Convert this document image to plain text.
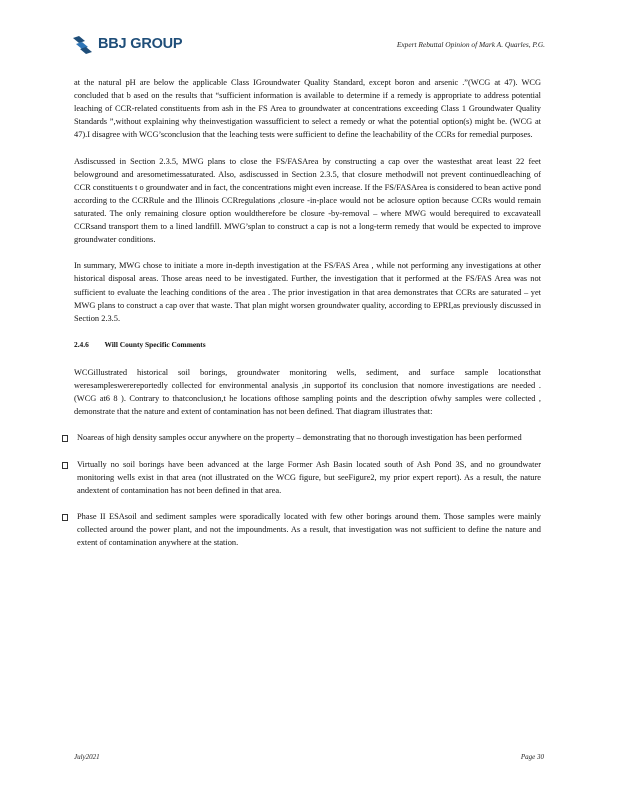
BBJ GROUP	Expert Rebuttal Opinion of Mark A. Quarles, P.G.

at the natural pH are below the applicable Class IGroundwater Quality Standard, except boron and arsenic .”(WCG at 47). WCG concluded that b ased on the results that “sufficient information is available to determine if a remedy is appropriate to address potential leaching of CCR-related constituents from ash in the FS Area to groundwater at concentrations exceeding Class 1 Groundwater Quality Standards ”,without explaining why theinvestigation wassufficient to select a remedy or what the potential option(s) might be. (WCG at 47).I disagree with WCG’sconclusion that the leaching tests were sufficient to define the leachability of the CCRs for remedial purposes.

Asdiscussed in Section 2.3.5, MWG plans to close the FS/FASArea by constructing a cap over the wastesthat areat least 22 feet belowground and aresometimessaturated. Also, asdiscussed in Section 2.3.5, that closure methodwill not prevent continuedleaching of CCR constituents t o groundwater and in fact, the concentrations might even increase. If the FS/FASArea is considered to bean active pond according to the CCRRule and the Illinois CCRregulations ,closure -in-place would not be aclosure option because CCRs would remain saturated. The only remaining closure option wouldtherefore be closure -by-removal – where MWG would berequired to excavateall CCRsand transport them to a lined landfill. MWG’splan to construct a cap is not a long-term remedy that would be expected to improve groundwater conditions.

In summary, MWG chose to initiate a more in-depth investigation at the FS/FAS Area , while not performing any investigations at other historical disposal areas. Those areas need to be investigated. Further, the investigation that it performed at the FS/FAS Area was not sufficient to evaluate the leaching conditions of the area . The prior investigation in that area demonstrates that CCRs are saturated – yet MWG plans to construct a cap over that waste. That plan might worsen groundwater quality, according to EPRI,as previously discussed in Section 2.3.5.

2.4.6 Will County Specific Comments

WCGillustrated historical soil borings, groundwater monitoring wells, sediment, and surface sample locationsthat weresampleswerereportedly collected for environmental analysis ,in supportof its conclusion that nomore investigations are needed . (WCG at6 8 ). Contrary to thatconclusion,t he locations ofthose sampling points and the description ofwhy samples were collected , demonstrate that the nature and extent of contamination has not been defined. That diagram illustrates that:

Noareas of high density samples occur anywhere on the property – demonstrating that no thorough investigation has been performed

Virtually no soil borings have been advanced at the large Former Ash Basin located south of Ash Pond 3S, and no groundwater monitoring wells exist in that area (not illustrated on the WCG figure, but seeFigure2, my prior expert report). As a result, the nature andextent of contamination has not been defined in that area.

Phase II ESAsoil and sediment samples were sporadically located with few other borings around them. Those samples were mainly collected around the power plant, and not the impoundments. As a result, that investigation was not sufficient to define the nature and extent of contamination anywhere at the station.

July2021	Page 30
